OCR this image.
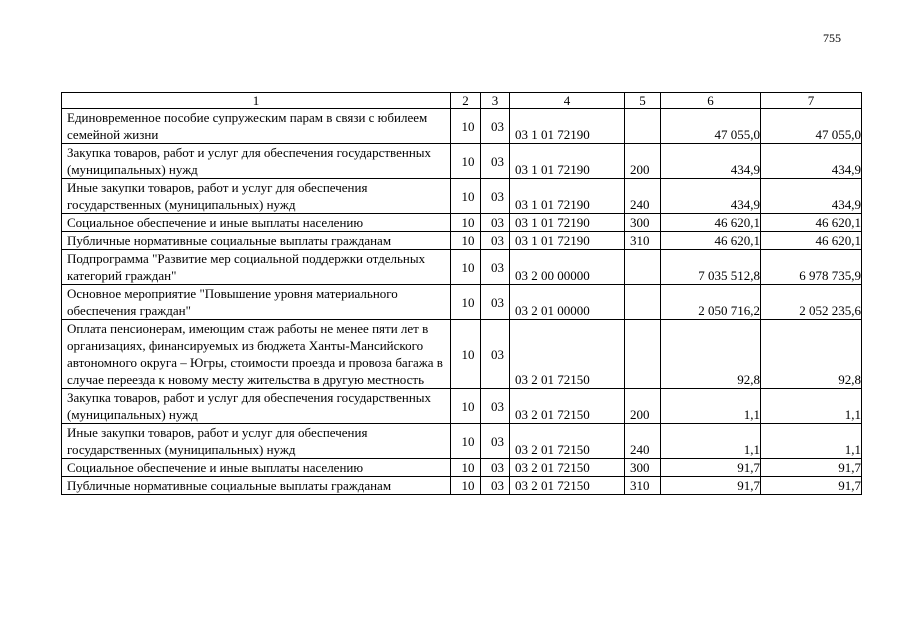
755
1	2	3	4	5	6	7
Единовременное пособие супружеским парам в связи с юбилеем семейной жизни	10	03	03 1 01 72190		47 055,0	47 055,0
Закупка товаров, работ и услуг для обеспечения государственных (муниципальных) нужд	10	03	03 1 01 72190	200	434,9	434,9
Иные закупки товаров, работ и услуг для обеспечения государственных (муниципальных) нужд	10	03	03 1 01 72190	240	434,9	434,9
Социальное обеспечение и иные выплаты населению	10	03	03 1 01 72190	300	46 620,1	46 620,1
Публичные нормативные социальные выплаты гражданам	10	03	03 1 01 72190	310	46 620,1	46 620,1
Подпрограмма "Развитие мер социальной поддержки отдельных категорий граждан"	10	03	03 2 00 00000		7 035 512,8	6 978 735,9
Основное мероприятие "Повышение уровня материального обеспечения граждан"	10	03	03 2 01 00000		2 050 716,2	2 052 235,6
Оплата пенсионерам, имеющим стаж работы не менее пяти лет в организациях, финансируемых из бюджета Ханты-Мансийского автономного округа – Югры, стоимости проезда и провоза багажа в случае переезда к новому месту жительства в другую местность	10	03	03 2 01 72150		92,8	92,8
Закупка товаров, работ и услуг для обеспечения государственных (муниципальных) нужд	10	03	03 2 01 72150	200	1,1	1,1
Иные закупки товаров, работ и услуг для обеспечения государственных (муниципальных) нужд	10	03	03 2 01 72150	240	1,1	1,1
Социальное обеспечение и иные выплаты населению	10	03	03 2 01 72150	300	91,7	91,7
Публичные нормативные социальные выплаты гражданам	10	03	03 2 01 72150	310	91,7	91,7
